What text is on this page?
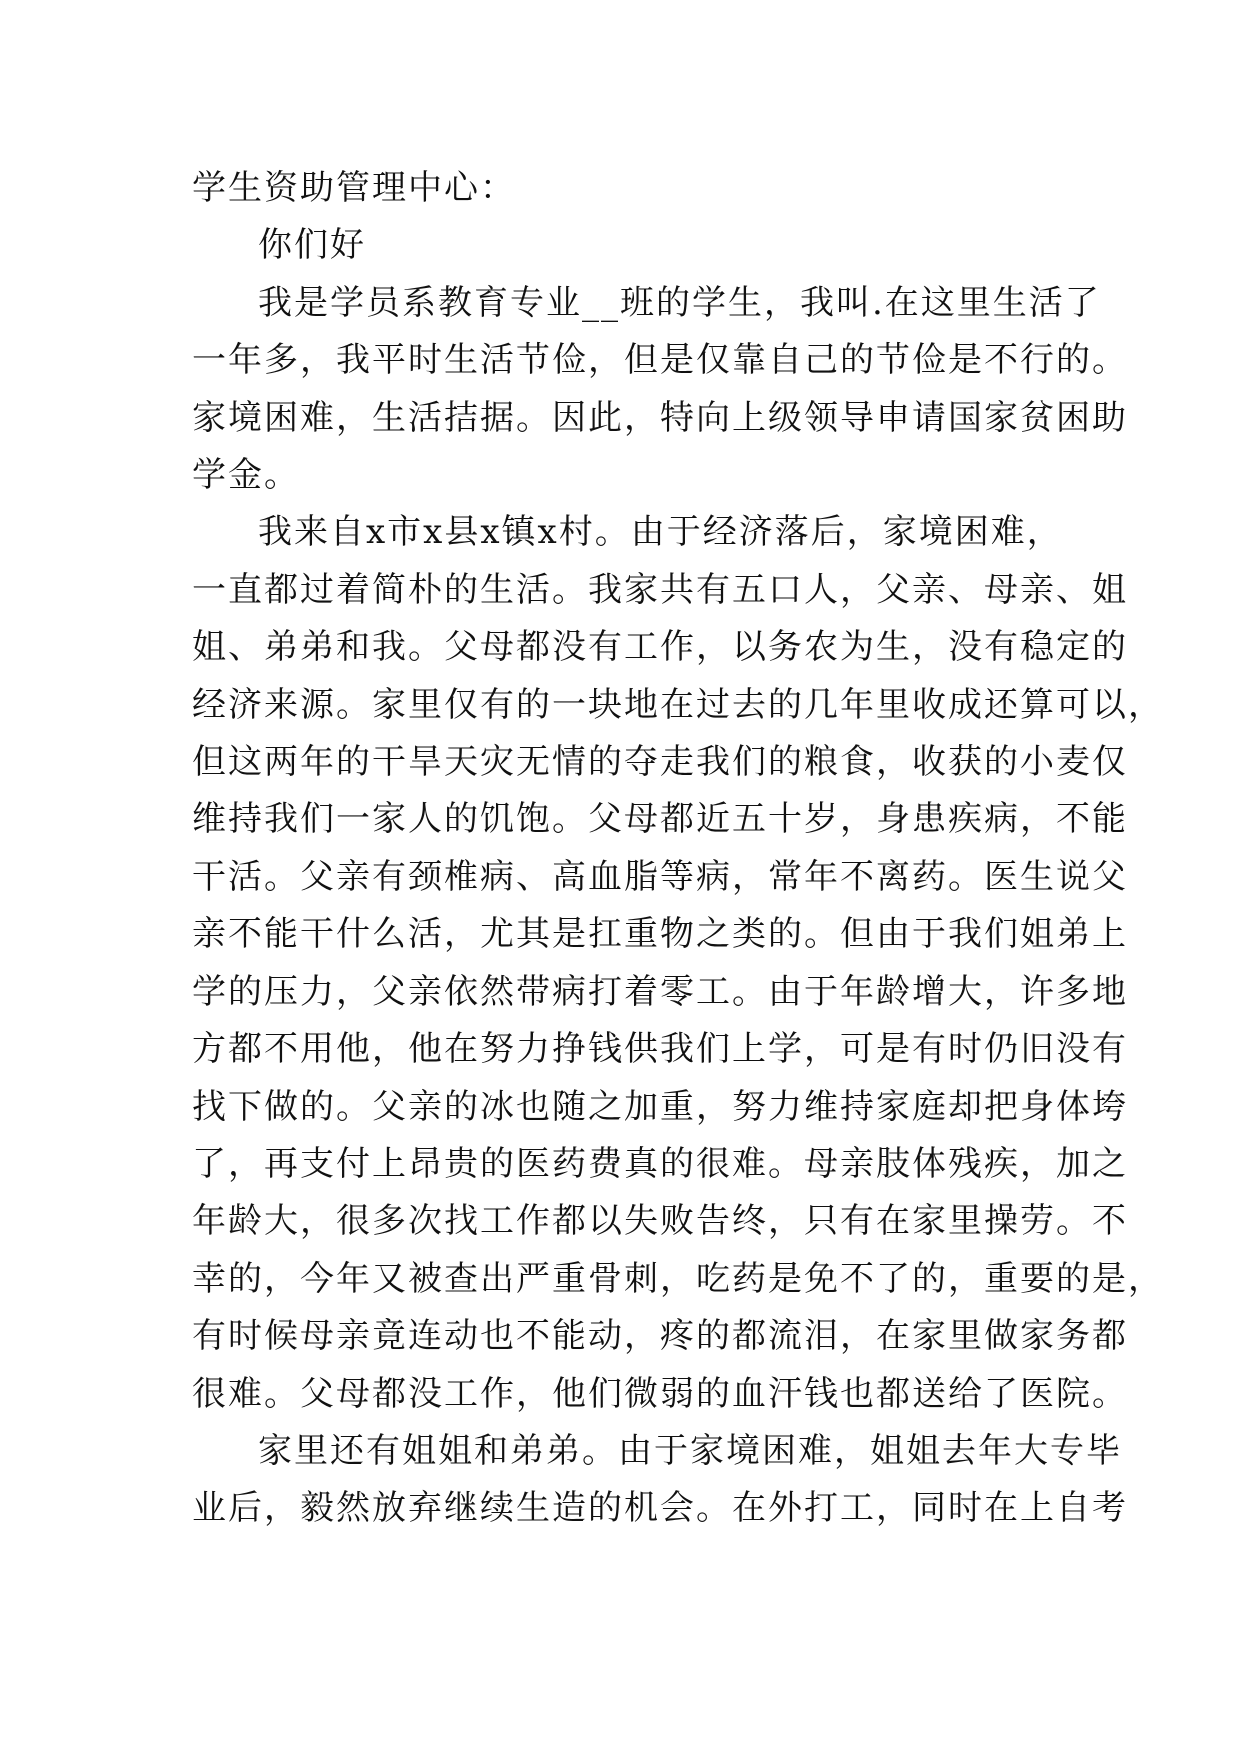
学生资助管理中心：
你们好
我是学员系教育专业__班的学生，我叫.在这里生活了
一年多，我平时生活节俭，但是仅靠自己的节俭是不行的。
家境困难，生活拮据。因此，特向上级领导申请国家贫困助
学金。
我来自x市x县x镇x村。由于经济落后，家境困难，
一直都过着简朴的生活。我家共有五口人，父亲、母亲、姐
姐、弟弟和我。父母都没有工作，以务农为生，没有稳定的
经济来源。家里仅有的一块地在过去的几年里收成还算可以，
但这两年的干旱天灾无情的夺走我们的粮食，收获的小麦仅
维持我们一家人的饥饱。父母都近五十岁，身患疾病，不能
干活。父亲有颈椎病、高血脂等病，常年不离药。医生说父
亲不能干什么活，尤其是扛重物之类的。但由于我们姐弟上
学的压力，父亲依然带病打着零工。由于年龄增大，许多地
方都不用他，他在努力挣钱供我们上学，可是有时仍旧没有
找下做的。父亲的冰也随之加重，努力维持家庭却把身体垮
了，再支付上昂贵的医药费真的很难。母亲肢体残疾，加之
年龄大，很多次找工作都以失败告终，只有在家里操劳。不
幸的，今年又被查出严重骨刺，吃药是免不了的，重要的是，
有时候母亲竟连动也不能动，疼的都流泪，在家里做家务都
很难。父母都没工作，他们微弱的血汗钱也都送给了医院。
家里还有姐姐和弟弟。由于家境困难，姐姐去年大专毕
业后，毅然放弃继续生造的机会。在外打工，同时在上自考
